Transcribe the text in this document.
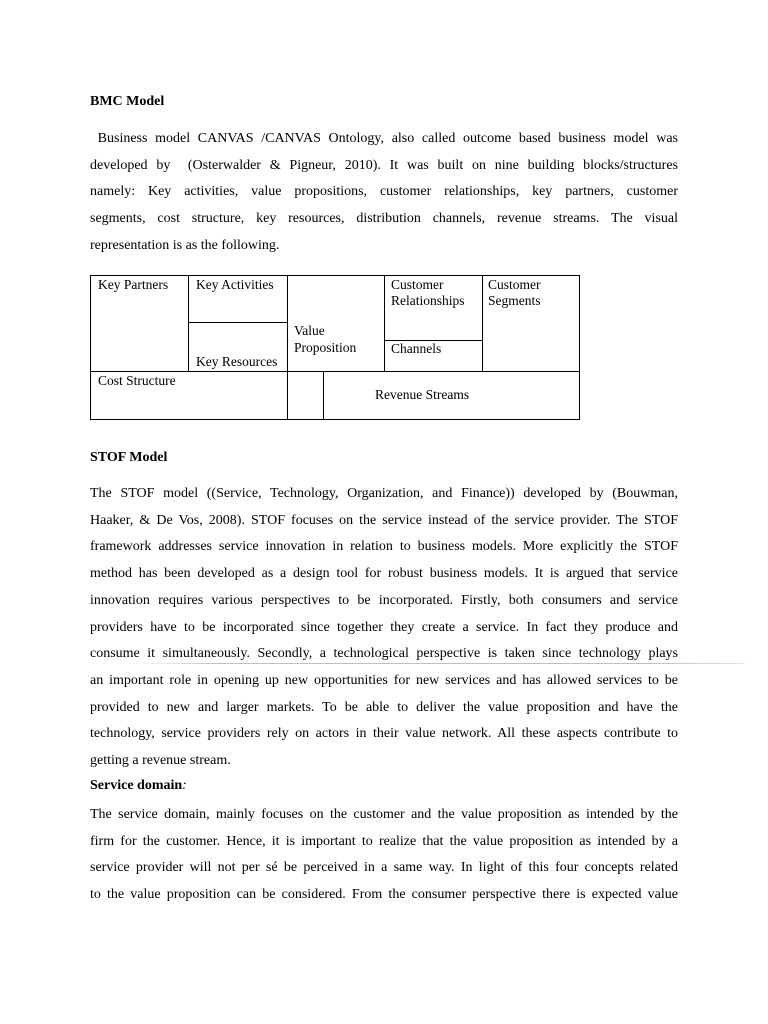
BMC Model

Business model CANVAS /CANVAS Ontology, also called outcome based business model was
developed by  (Osterwalder & Pigneur, 2010). It was built on nine building blocks/structures
namely: Key activities, value propositions, customer relationships, key partners, customer
segments, cost structure, key resources, distribution channels, revenue streams. The visual
representation is as the following.
Key Partners	Key Activities
Key Resources
Value
Proposition
Customer
Relationships
Channels
Customer
Segments
Cost Structure
Revenue Streams

STOF Model

The STOF model ((Service, Technology, Organization, and Finance)) developed by (Bouwman,
Haaker, & De Vos, 2008). STOF focuses on the service instead of the service provider. The STOF
framework addresses service innovation in relation to business models. More explicitly the STOF
method has been developed as a design tool for robust business models. It is argued that service
innovation requires various perspectives to be incorporated. Firstly, both consumers and service
providers have to be incorporated since together they create a service. In fact they produce and
consume it simultaneously. Secondly, a technological perspective is taken since technology plays
an important role in opening up new opportunities for new services and has allowed services to be
provided to new and larger markets. To be able to deliver the value proposition and have the
technology, service providers rely on actors in their value network. All these aspects contribute to
getting a revenue stream.
Service domain:
The service domain, mainly focuses on the customer and the value proposition as intended by the
firm for the customer. Hence, it is important to realize that the value proposition as intended by a
service provider will not per sé be perceived in a same way. In light of this four concepts related
to the value proposition can be considered. From the consumer perspective there is expected value
